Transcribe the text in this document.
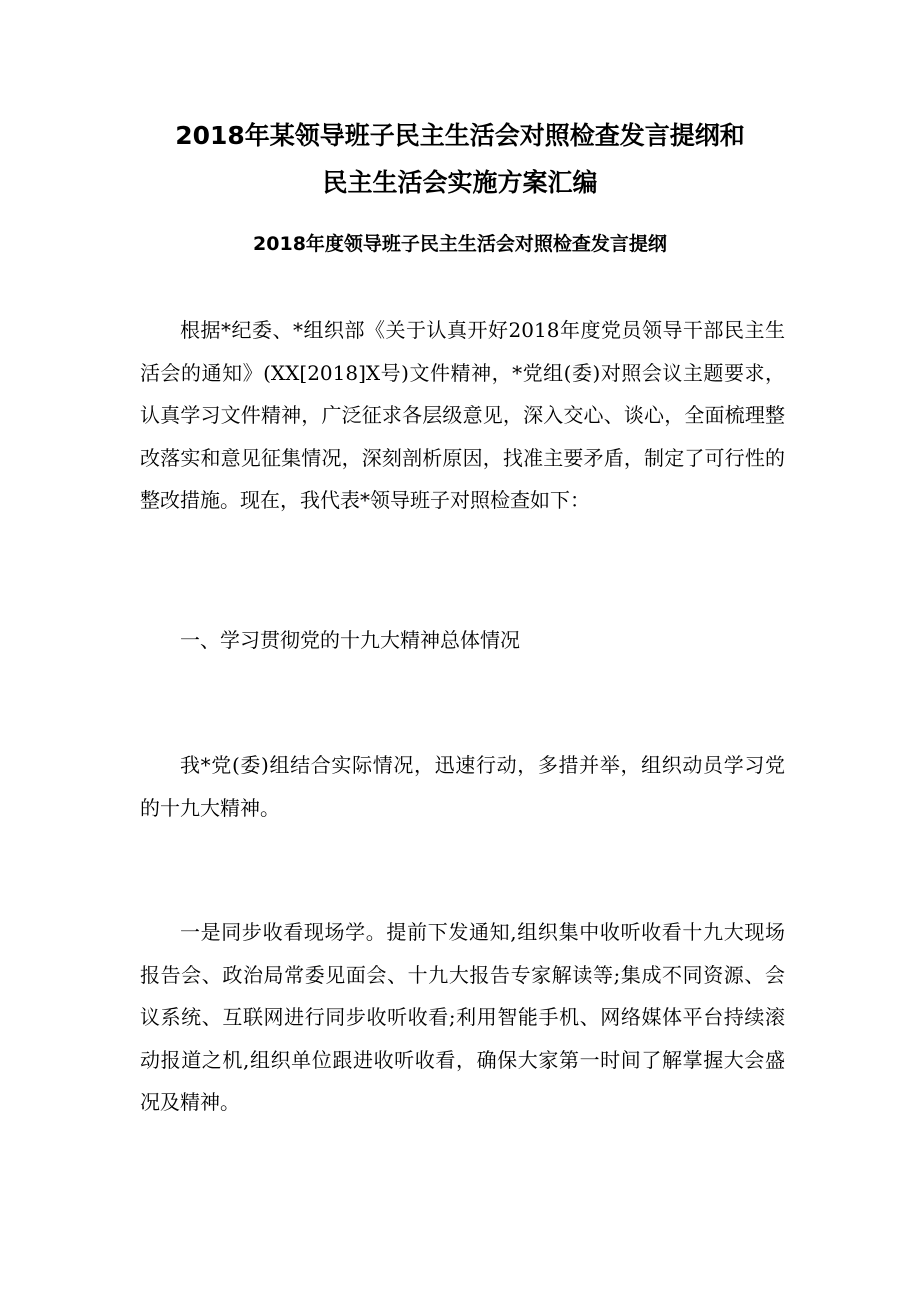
2018年某领导班子民主生活会对照检查发言提纲和
民主生活会实施方案汇编
2018年度领导班子民主生活会对照检查发言提纲

根据*纪委、*组织部《关于认真开好2018年度党员领导干部民主生活会的通知》(XX[2018]X号)文件精神，*党组(委)对照会议主题要求，认真学习文件精神，广泛征求各层级意见，深入交心、谈心，全面梳理整改落实和意见征集情况，深刻剖析原因，找准主要矛盾，制定了可行性的整改措施。现在，我代表*领导班子对照检查如下：

一、学习贯彻党的十九大精神总体情况

我*党(委)组结合实际情况，迅速行动，多措并举，组织动员学习党的十九大精神。

一是同步收看现场学。提前下发通知,组织集中收听收看十九大现场报告会、政治局常委见面会、十九大报告专家解读等;集成不同资源、会议系统、互联网进行同步收听收看;利用智能手机、网络媒体平台持续滚动报道之机,组织单位跟进收听收看，确保大家第一时间了解掌握大会盛况及精神。
